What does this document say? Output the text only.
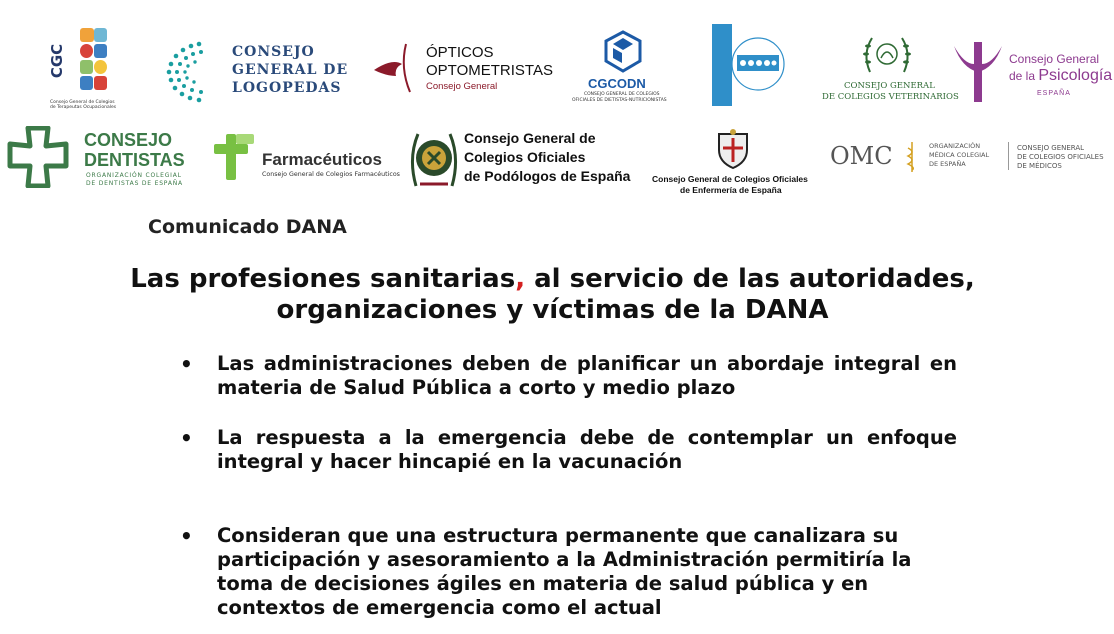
CGC
Consejo General de Colegios de Terapeutas Ocupacionales
CONSEJO
GENERAL DE
LOGOPEDAS
ÓPTICOS
OPTOMETRISTAS
Consejo General	CGCODN
CONSEJO GENERAL DE COLEGIOS
OFICIALES DE DIETISTAS-NUTRICIONISTAS
CONSEJO GENERAL
DE COLEGIOS VETERINARIOS
Consejo General
de la Psicología
ESPAÑA
CONSEJO
DENTISTAS
ORGANIZACIÓN COLEGIAL
DE DENTISTAS DE ESPAÑA
Farmacéuticos
Consejo General de Colegios Farmacéuticos
Consejo General de
Colegios Oficiales
de Podólogos de España	Consejo General de Colegios Oficiales
de Enfermería de España
OMC	ORGANIZACIÓN
MÉDICA COLEGIAL
DE ESPAÑA
CONSEJO GENERAL
DE COLEGIOS OFICIALES
DE MÉDICOS
Comunicado DANA
Las profesiones sanitarias, al servicio de las autoridades,
organizaciones y víctimas de la DANA
• Las administraciones deben de planificar un abordaje integral en materia de Salud Pública a corto y medio plazo
• La respuesta a la emergencia debe de contemplar un enfoque integral y hacer hincapié en la vacunación
• Consideran que una estructura permanente que canalizara su participación y asesoramiento a la Administración permitiría la toma de decisiones ágiles en materia de salud pública y en contextos de emergencia como el actual
